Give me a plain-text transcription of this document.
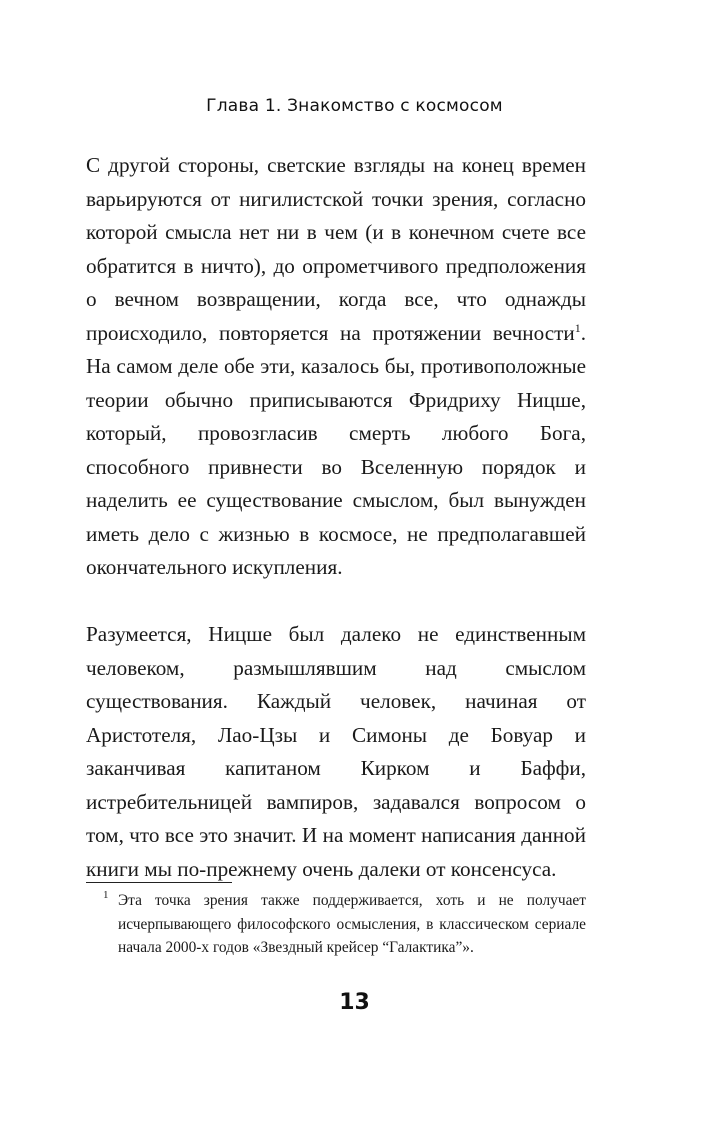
Глава 1. Знакомство с космосом
С другой стороны, светские взгляды на конец времен варьируются от нигилистской точки зрения, согласно которой смысла нет ни в чем (и в конечном счете все обратится в ничто), до опрометчивого предположения о вечном возвращении, когда все, что однажды происходило, повторяется на протяжении вечности$^1$. На самом деле обе эти, казалось бы, противоположные теории обычно приписываются Фридриху Ницше, который, провозгласив смерть любого Бога, способного привнести во Вселенную порядок и наделить ее существование смыслом, был вынужден иметь дело с жизнью в космосе, не предполагавшей окончательного искупления.
Разумеется, Ницше был далеко не единственным человеком, размышлявшим над смыслом существования. Каждый человек, начиная от Аристотеля, Лао-Цзы и Симоны де Бовуар и заканчивая капитаном Кирком и Баффи, истребительницей вампиров, задавался вопросом о том, что все это значит. И на момент написания данной книги мы по-прежнему очень далеки от консенсуса.
1 Эта точка зрения также поддерживается, хоть и не получает исчерпывающего философского осмысления, в классическом сериале начала 2000-х годов «Звездный крейсер “Галактика”».
13
